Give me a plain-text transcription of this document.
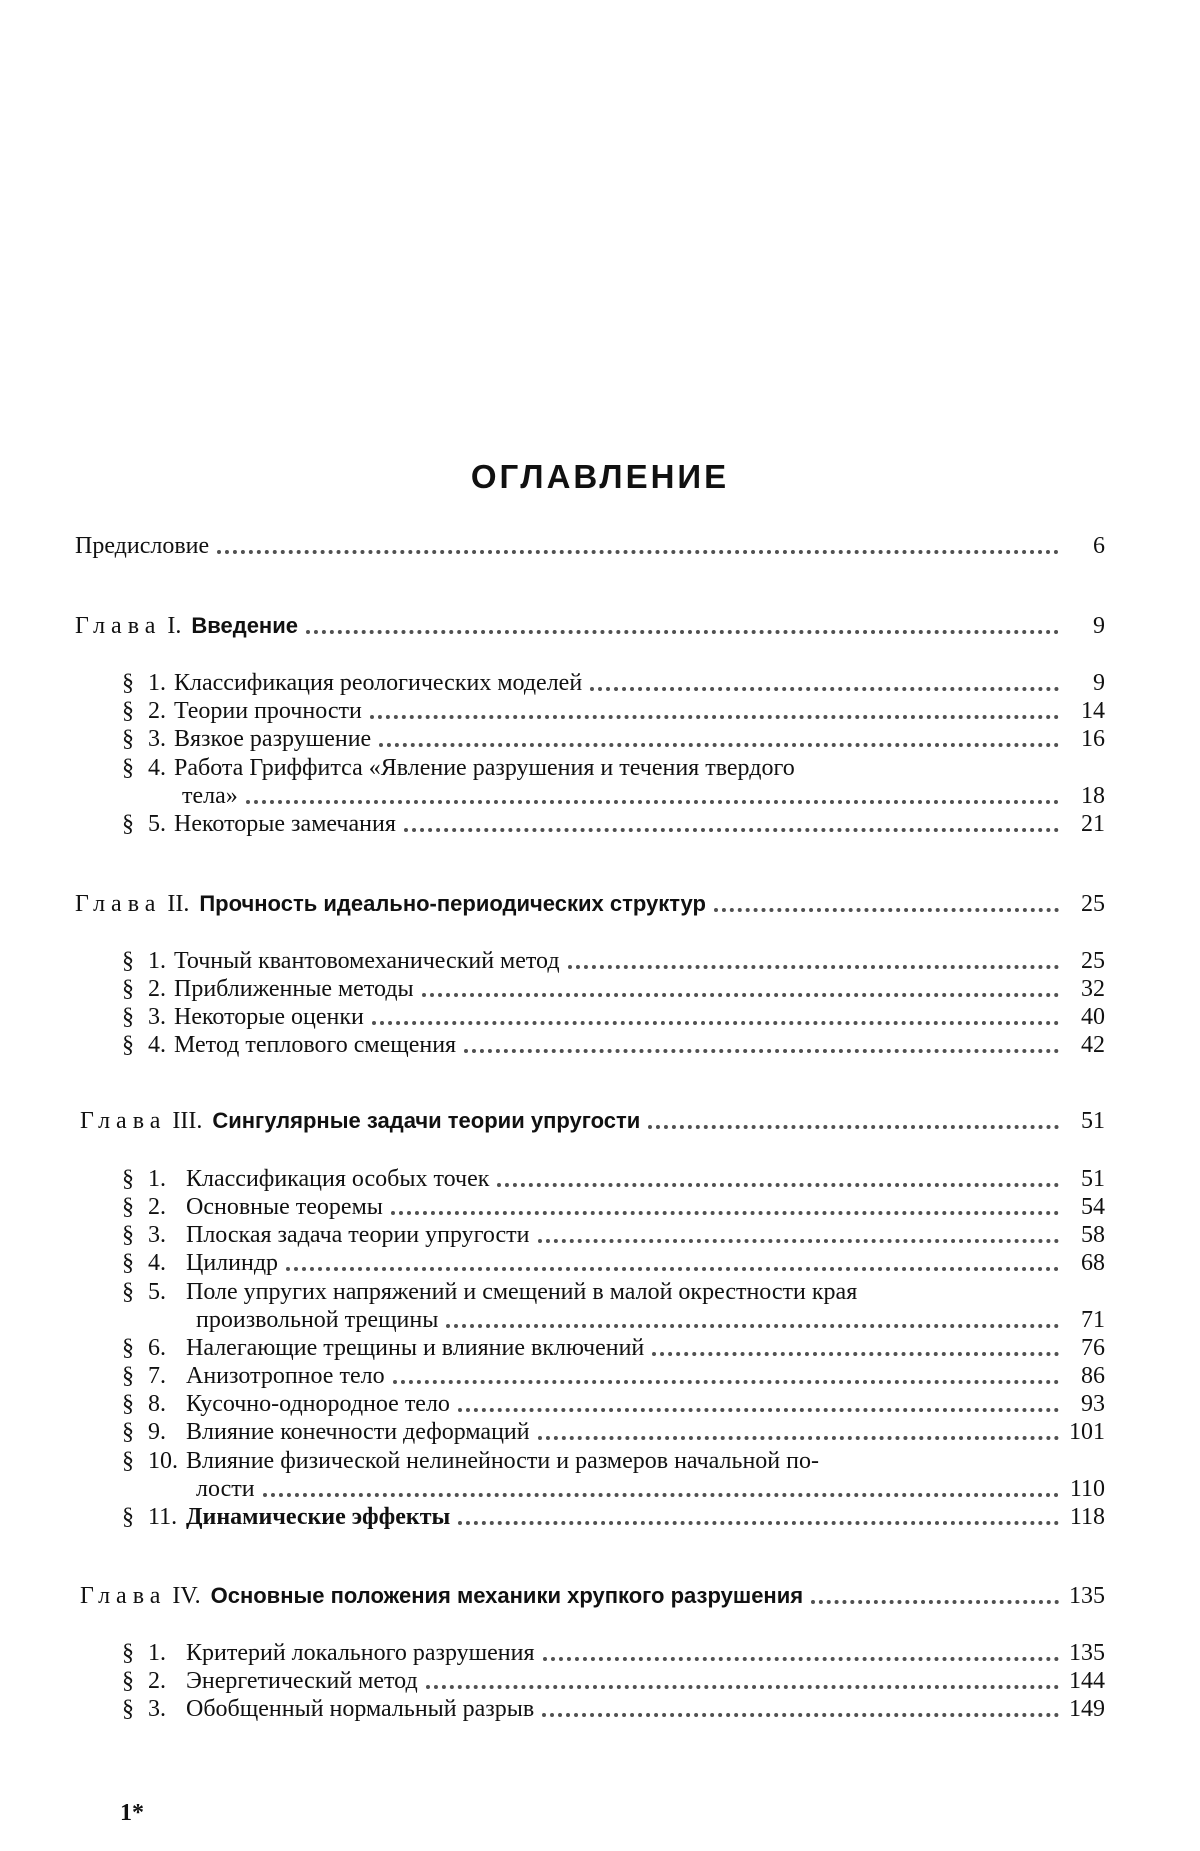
ОГЛАВЛЕНИЕ
Предисловие	6
Глава I. Введение	9
§ 1. Классификация реологических моделей	9
§ 2. Теории прочности	14
§ 3. Вязкое разрушение	16
§ 4. Работа Гриффитса «Явление разрушения и течения твердого
тела»	18
§ 5. Некоторые замечания	21
Глава II. Прочность идеально-периодических структур	25
§ 1. Точный квантовомеханический метод	25
§ 2. Приближенные методы	32
§ 3. Некоторые оценки	40
§ 4. Метод теплового смещения	42
Глава III. Сингулярные задачи теории упругости	51
§ 1. Классификация особых точек	51
§ 2. Основные теоремы	54
§ 3. Плоская задача теории упругости	58
§ 4. Цилиндр	68
§ 5. Поле упругих напряжений и смещений в малой окрестности края
произвольной трещины	71
§ 6. Налегающие трещины и влияние включений	76
§ 7. Анизотропное тело	86
§ 8. Кусочно-однородное тело	93
§ 9. Влияние конечности деформаций	101
§ 10. Влияние физической нелинейности и размеров начальной по-
лости	110
§ 11. Динамические эффекты	118
Глава IV. Основные положения механики хрупкого разрушения	135
§ 1. Критерий локального разрушения	135
§ 2. Энергетический метод	144
§ 3. Обобщенный нормальный разрыв	149
1*
